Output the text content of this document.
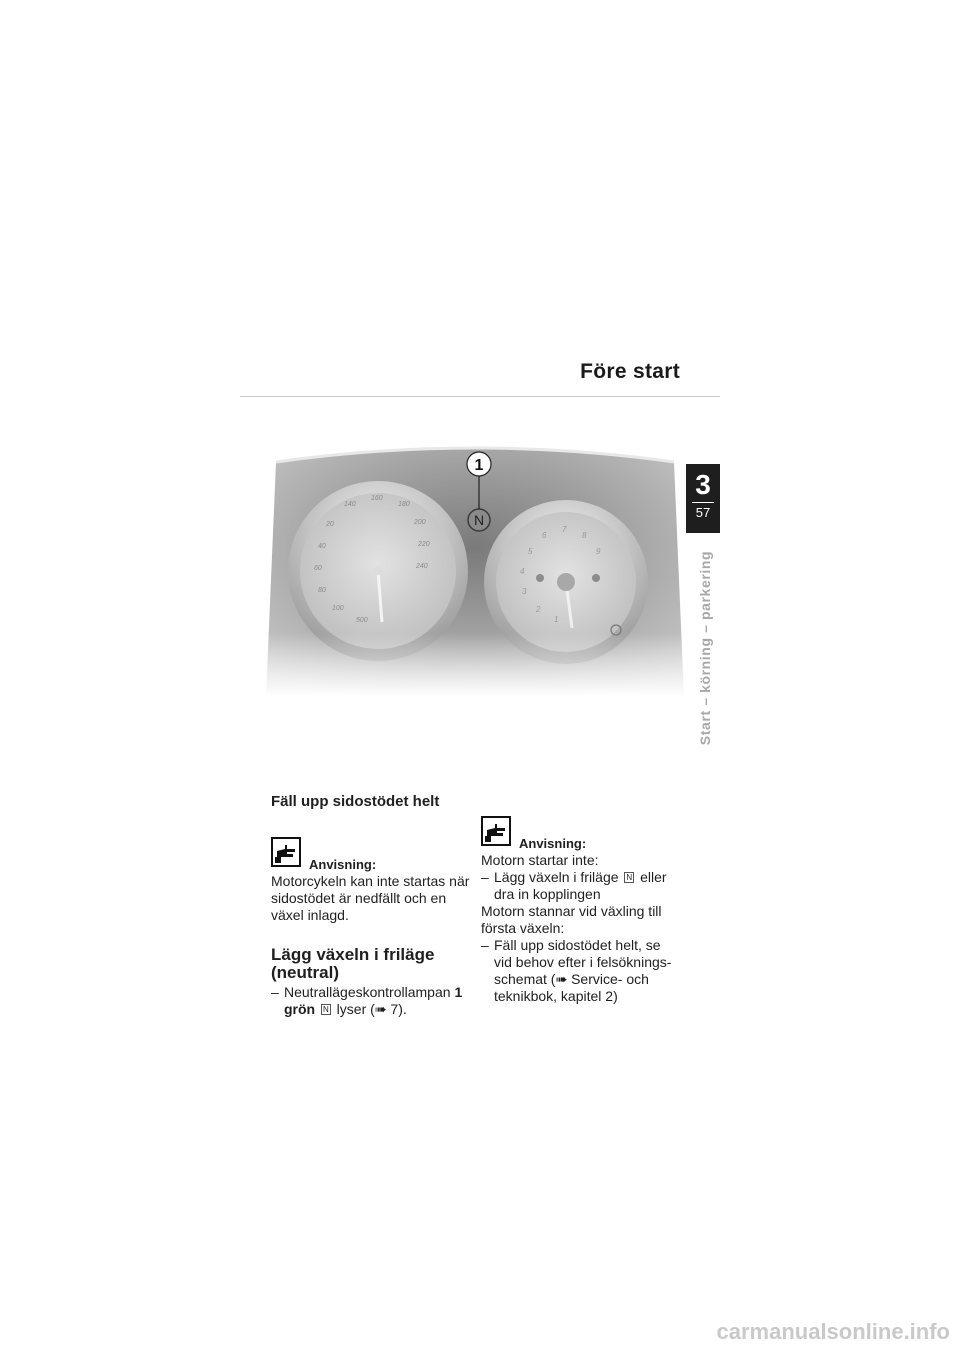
Före start
3
57
Start – körning – parkering
Fäll upp sidostödet helt
Anvisning:

Motorcykeln kan inte startas när sidostödet är nedfällt och en växel inlagd.

Lägg växeln i friläge (neutral)
– Neutrallägeskontrollampan 1 grön N lyser (➠ 7).
Anvisning:

Motorn startar inte:

– Lägg växeln i friläge N eller dra in kopplingen

Motorn stannar vid växling till första växeln:

– Fäll upp sidostödet helt, se vid behov efter i felsöknings-schemat (➠ Service- och teknikbok, kapitel 2)
carmanualsonline.info
